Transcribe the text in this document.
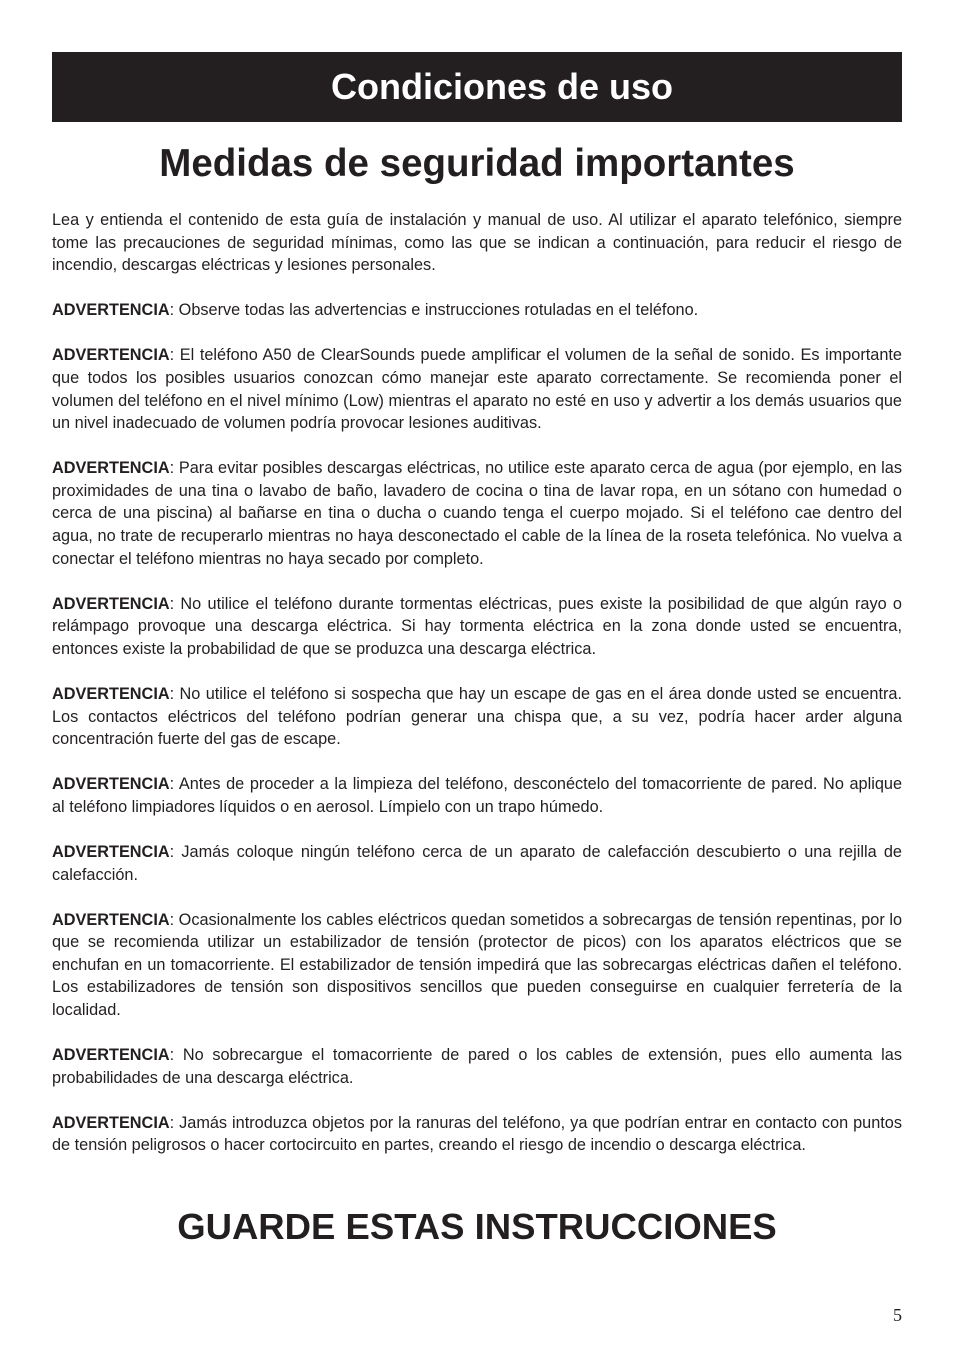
Condiciones de uso
Medidas de seguridad importantes

Lea y entienda el contenido de esta guía de instalación y manual de uso. Al utilizar el aparato telefónico, siempre tome las precauciones de seguridad mínimas, como las que se indican a continuación, para reducir el riesgo de incendio, descargas eléctricas y lesiones personales.

ADVERTENCIA: Observe todas las advertencias e instrucciones rotuladas en el teléfono.

ADVERTENCIA: El teléfono A50 de ClearSounds puede amplificar el volumen de la señal de sonido. Es importante que todos los posibles usuarios conozcan cómo manejar este aparato correctamente. Se recomienda poner el volumen del teléfono en el nivel mínimo (Low) mientras el aparato no esté en uso y advertir a los demás usuarios que un nivel inadecuado de volumen podría provocar lesiones auditivas.

ADVERTENCIA: Para evitar posibles descargas eléctricas, no utilice este aparato cerca de agua (por ejemplo, en las proximidades de una tina o lavabo de baño, lavadero de cocina o tina de lavar ropa, en un sótano con humedad o cerca de una piscina) al bañarse en tina o ducha o cuando tenga el cuerpo mojado. Si el teléfono cae dentro del agua, no trate de recuperarlo mientras no haya desconectado el cable de la línea de la roseta telefónica. No vuelva a conectar el teléfono mientras no haya secado por completo.

ADVERTENCIA: No utilice el teléfono durante tormentas eléctricas, pues existe la posibilidad de que algún rayo o relámpago provoque una descarga eléctrica. Si hay tormenta eléctrica en la zona donde usted se encuentra, entonces existe la probabilidad de que se produzca una descarga eléctrica.

ADVERTENCIA: No utilice el teléfono si sospecha que hay un escape de gas en el área donde usted se encuentra. Los contactos eléctricos del teléfono podrían generar una chispa que, a su vez, podría hacer arder alguna concentración fuerte del gas de escape.

ADVERTENCIA: Antes de proceder a la limpieza del teléfono, desconéctelo del tomacorriente de pared. No aplique al teléfono limpiadores líquidos o en aerosol. Límpielo con un trapo húmedo.

ADVERTENCIA: Jamás coloque ningún teléfono cerca de un aparato de calefacción descubierto o una rejilla de calefacción.

ADVERTENCIA: Ocasionalmente los cables eléctricos quedan sometidos a sobrecargas de tensión repentinas, por lo que se recomienda utilizar un estabilizador de tensión (protector de picos) con los aparatos eléctricos que se enchufan en un tomacorriente. El estabilizador de tensión impedirá que las sobrecargas eléctricas dañen el teléfono. Los estabilizadores de tensión son dispositivos sencillos que pueden conseguirse en cualquier ferretería de la localidad.

ADVERTENCIA: No sobrecargue el tomacorriente de pared o los cables de extensión, pues ello aumenta las probabilidades de una descarga eléctrica.

ADVERTENCIA: Jamás introduzca objetos por la ranuras del teléfono, ya que podrían entrar en contacto con puntos de tensión peligrosos o hacer cortocircuito en partes, creando el riesgo de incendio o descarga eléctrica.

GUARDE ESTAS INSTRUCCIONES
5
